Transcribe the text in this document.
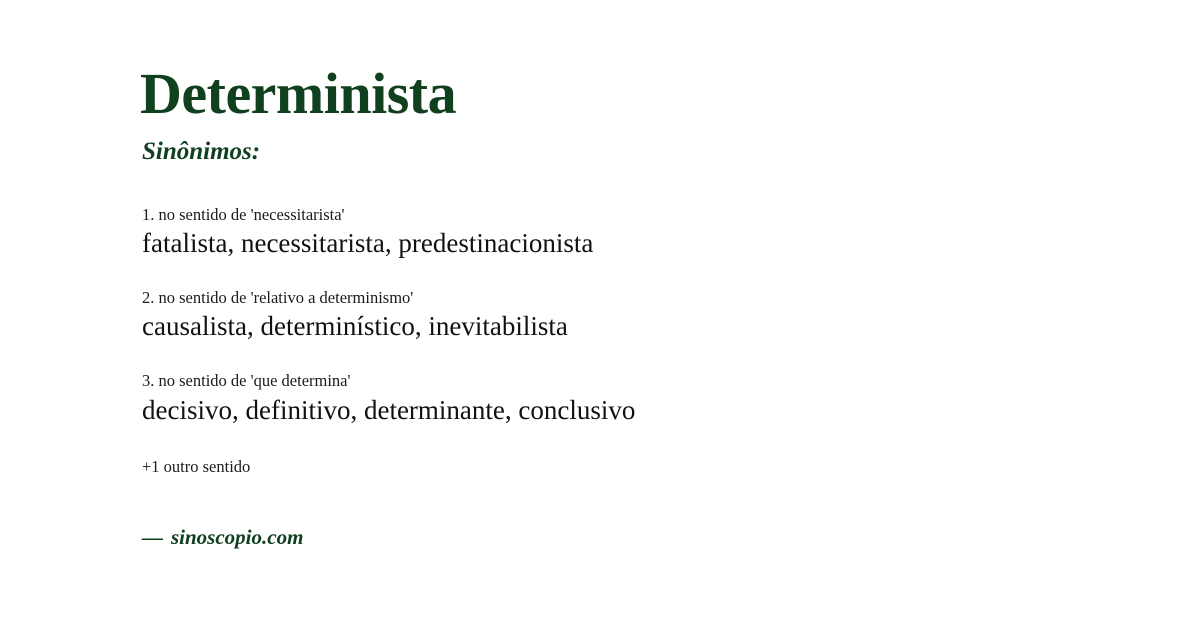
Determinista
Sinônimos:
1. no sentido de 'necessitarista'
fatalista, necessitarista, predestinacionista
2. no sentido de 'relativo a determinismo'
causalista, determinístico, inevitabilista
3. no sentido de 'que determina'
decisivo, definitivo, determinante, conclusivo
+1 outro sentido
— sinoscopio.com
